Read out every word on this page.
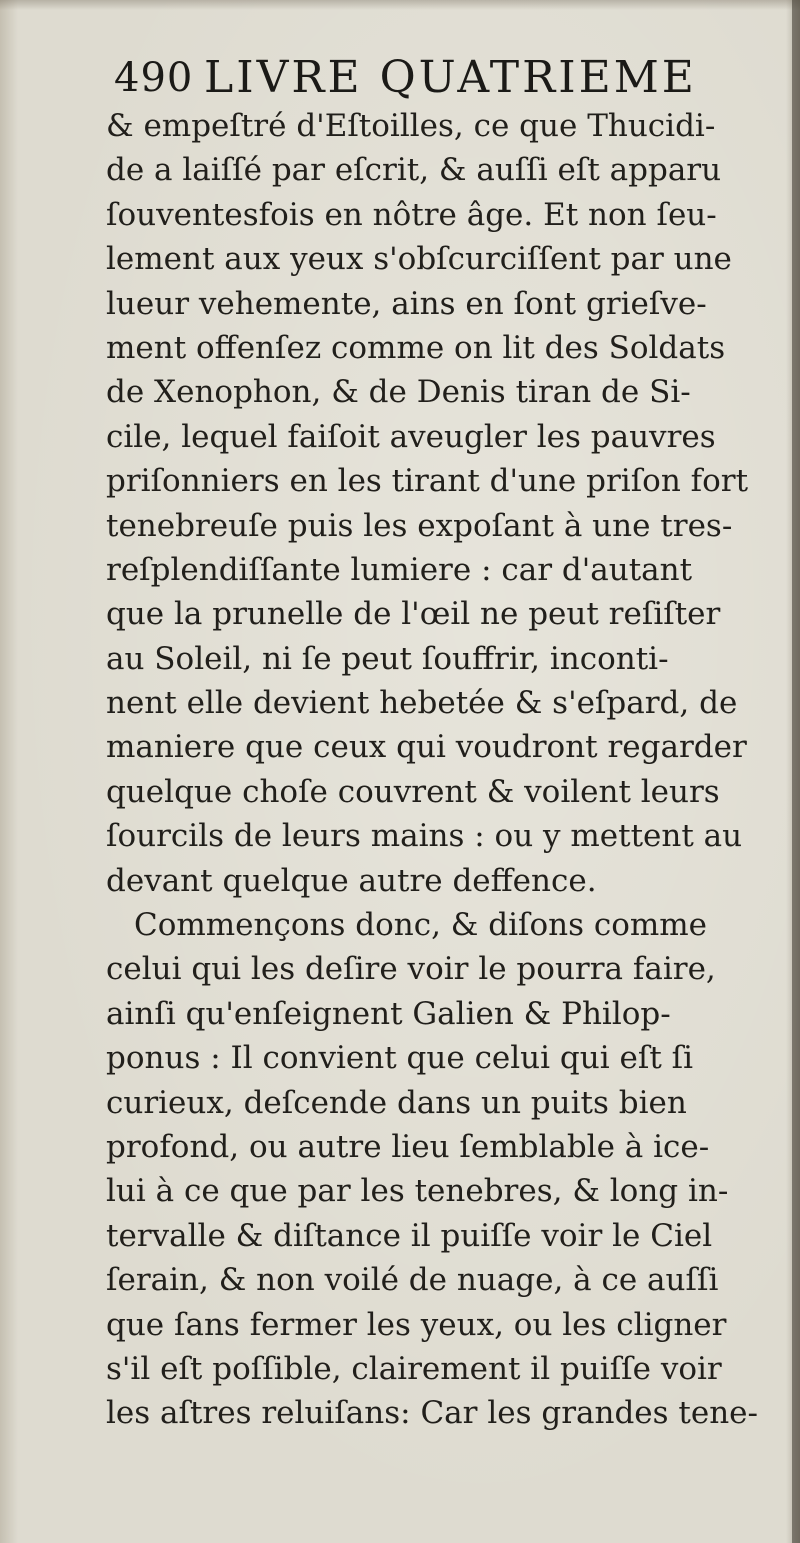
490 LIVRE QUATRIEME
& empeſtré d'Eſtoilles, ce que Thucidi-
de a laiſſé par eſcrit, & auſſi eſt apparu
ſouventesfois en nôtre âge. Et non ſeu-
lement aux yeux s'obſcurciſſent par une
lueur vehemente, ains en ſont grieſve-
ment offenſez comme on lit des Soldats
de Xenophon, & de Denis tiran de Si-
cile, lequel faiſoit aveugler les pauvres
priſonniers en les tirant d'une priſon fort
tenebreuſe puis les expoſant à une tres-
reſplendiſſante lumiere : car d'autant
que la prunelle de l'œil ne peut reſiſter
au Soleil, ni ſe peut ſouffrir, inconti-
nent elle devient hebetée & s'eſpard, de
maniere que ceux qui voudront regarder
quelque choſe couvrent & voilent leurs
ſourcils de leurs mains : ou y mettent au
devant quelque autre deffence.
Commençons donc, & diſons comme
celui qui les deſire voir le pourra faire,
ainſi qu'enſeignent Galien & Philop-
ponus : Il convient que celui qui eſt ſi
curieux, deſcende dans un puits bien
profond, ou autre lieu ſemblable à ice-
lui à ce que par les tenebres, & long in-
tervalle & diſtance il puiſſe voir le Ciel
ſerain, & non voilé de nuage, à ce auſſi
que ſans fermer les yeux, ou les cligner
s'il eſt poſſible, clairement il puiſſe voir
les aſtres reluiſans: Car les grandes tene-
